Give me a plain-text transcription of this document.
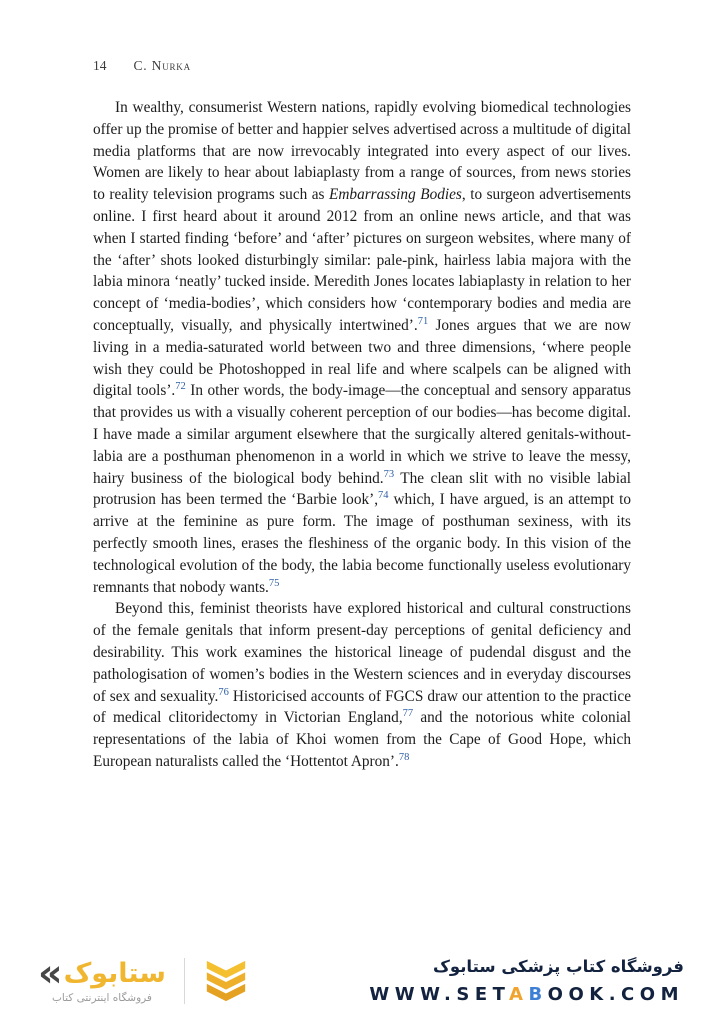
14 C. Nurka

In wealthy, consumerist Western nations, rapidly evolving biomedical technologies offer up the promise of better and happier selves advertised across a multitude of digital media platforms that are now irrevocably integrated into every aspect of our lives. Women are likely to hear about labiaplasty from a range of sources, from news stories to reality television programs such as Embarrassing Bodies, to surgeon advertisements online. I first heard about it around 2012 from an online news article, and that was when I started finding ‘before’ and ‘after’ pictures on surgeon websites, where many of the ‘after’ shots looked disturbingly similar: pale-pink, hairless labia majora with the labia minora ‘neatly’ tucked inside. Meredith Jones locates labiaplasty in relation to her concept of ‘media-bodies’, which considers how ‘contemporary bodies and media are conceptually, visually, and physically intertwined’.$^{71}$ Jones argues that we are now living in a media-saturated world between two and three dimensions, ‘where people wish they could be Photoshopped in real life and where scalpels can be aligned with digital tools’.$^{72}$ In other words, the body-image—the conceptual and sensory apparatus that provides us with a visually coherent perception of our bodies—has become digital. I have made a similar argument elsewhere that the surgically altered genitals-without-labia are a posthuman phenomenon in a world in which we strive to leave the messy, hairy business of the biological body behind.$^{73}$ The clean slit with no visible labial protrusion has been termed the ‘Barbie look’,$^{74}$ which, I have argued, is an attempt to arrive at the feminine as pure form. The image of posthuman sexiness, with its perfectly smooth lines, erases the fleshiness of the organic body. In this vision of the technological evolution of the body, the labia become functionally useless evolutionary remnants that nobody wants.$^{75}$

Beyond this, feminist theorists have explored historical and cultural constructions of the female genitals that inform present-day perceptions of genital deficiency and desirability. This work examines the historical lineage of pudendal disgust and the pathologisation of women’s bodies in the Western sciences and in everyday discourses of sex and sexuality.$^{76}$ Historicised accounts of FGCS draw our attention to the practice of medical clitoridectomy in Victorian England,$^{77}$ and the notorious white colonial representations of the labia of Khoi women from the Cape of Good Hope, which European naturalists called the ‘Hottentot Apron’.$^{78}$

« ستابوک
فروشگاه اینترنتی کتاب
فروشگاه کتاب پزشکی ستابوک
WWW.SETABOOK.COM
